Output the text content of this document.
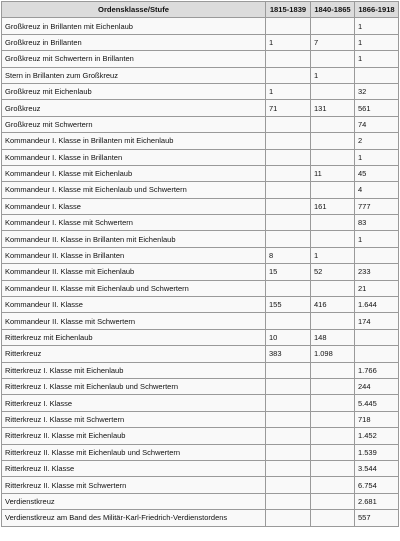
Ordensklasse/Stufe	1815-1839	1840-1865	1866-1918
Großkreuz in Brillanten mit Eichenlaub			1
Großkreuz in Brillanten	1	7	1
Großkreuz mit Schwertern in Brillanten			1
Stern in Brillanten zum Großkreuz		1	
Großkreuz mit Eichenlaub	1		32
Großkreuz	71	131	561
Großkreuz mit Schwertern			74
Kommandeur I. Klasse in Brillanten mit Eichenlaub			2
Kommandeur I. Klasse in Brillanten			1
Kommandeur I. Klasse mit Eichenlaub		11	45
Kommandeur I. Klasse mit Eichenlaub und Schwertern			4
Kommandeur I. Klasse		161	777
Kommandeur I. Klasse mit Schwertern			83
Kommandeur II. Klasse in Brillanten mit Eichenlaub			1
Kommandeur II. Klasse in Brillanten	8	1	
Kommandeur II. Klasse mit Eichenlaub	15	52	233
Kommandeur II. Klasse mit Eichenlaub und Schwertern			21
Kommandeur II. Klasse	155	416	1.644
Kommandeur II. Klasse mit Schwertern			174
Ritterkreuz mit Eichenlaub	10	148	
Ritterkreuz	383	1.098	
Ritterkreuz I. Klasse mit Eichenlaub			1.766
Ritterkreuz I. Klasse mit Eichenlaub und Schwertern			244
Ritterkreuz I. Klasse			5.445
Ritterkreuz I. Klasse mit Schwertern			718
Ritterkreuz II. Klasse mit Eichenlaub			1.452
Ritterkreuz II. Klasse mit Eichenlaub und Schwertern			1.539
Ritterkreuz II. Klasse			3.544
Ritterkreuz II. Klasse mit Schwertern			6.754
Verdienstkreuz			2.681
Verdienstkreuz am Band des Militär-Karl-Friedrich-Verdienstordens			557
